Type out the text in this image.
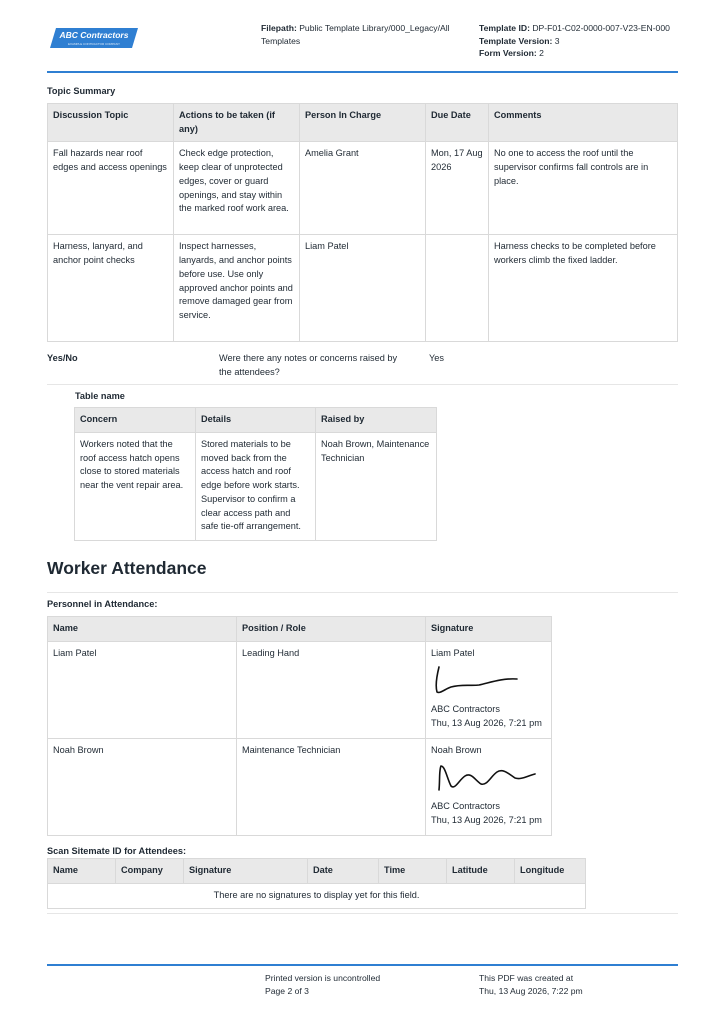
ABC Contractors
EXAMPLE CONTRACTOR COMPANY
Filepath: Public Template Library/000_Legacy/All Templates
Template ID: DP-F01-C02-0000-007-V23-EN-000
Template Version: 3
Form Version: 2
Topic Summary
Discussion Topic	Actions to be taken (if any)	Person In Charge	Due Date	Comments
Fall hazards near roof edges and access openings	Check edge protection, keep clear of unprotected edges, cover or guard openings, and stay within the marked roof work area.	Amelia Grant	Mon, 17 Aug 2026	No one to access the roof until the supervisor confirms fall controls are in place.
Harness, lanyard, and anchor point checks	Inspect harnesses, lanyards, and anchor points before use. Use only approved anchor points and remove damaged gear from service.	Liam Patel		Harness checks to be completed before workers climb the fixed ladder.
Yes/No	Were there any notes or concerns raised by the attendees?
Yes
Table name
Concern	Details	Raised by
Workers noted that the roof access hatch opens close to stored materials near the vent repair area.	Stored materials to be moved back from the access hatch and roof edge before work starts. Supervisor to confirm a clear access path and safe tie-off arrangement.	Noah Brown, Maintenance Technician
Worker Attendance
Personnel in Attendance:
Name	Position / Role	Signature
Liam Patel	Leading Hand	Liam Patel
ABC Contractors
Thu, 13 Aug 2026, 7:21 pm

Noah Brown	Maintenance Technician	Noah Brown
ABC Contractors
Thu, 13 Aug 2026, 7:21 pm
Scan Sitemate ID for Attendees:
Name	Company	Signature	Date	Time	Latitude	Longitude
There are no signatures to display yet for this field.
Printed version is uncontrolled
Page 2 of 3
This PDF was created at
Thu, 13 Aug 2026, 7:22 pm
